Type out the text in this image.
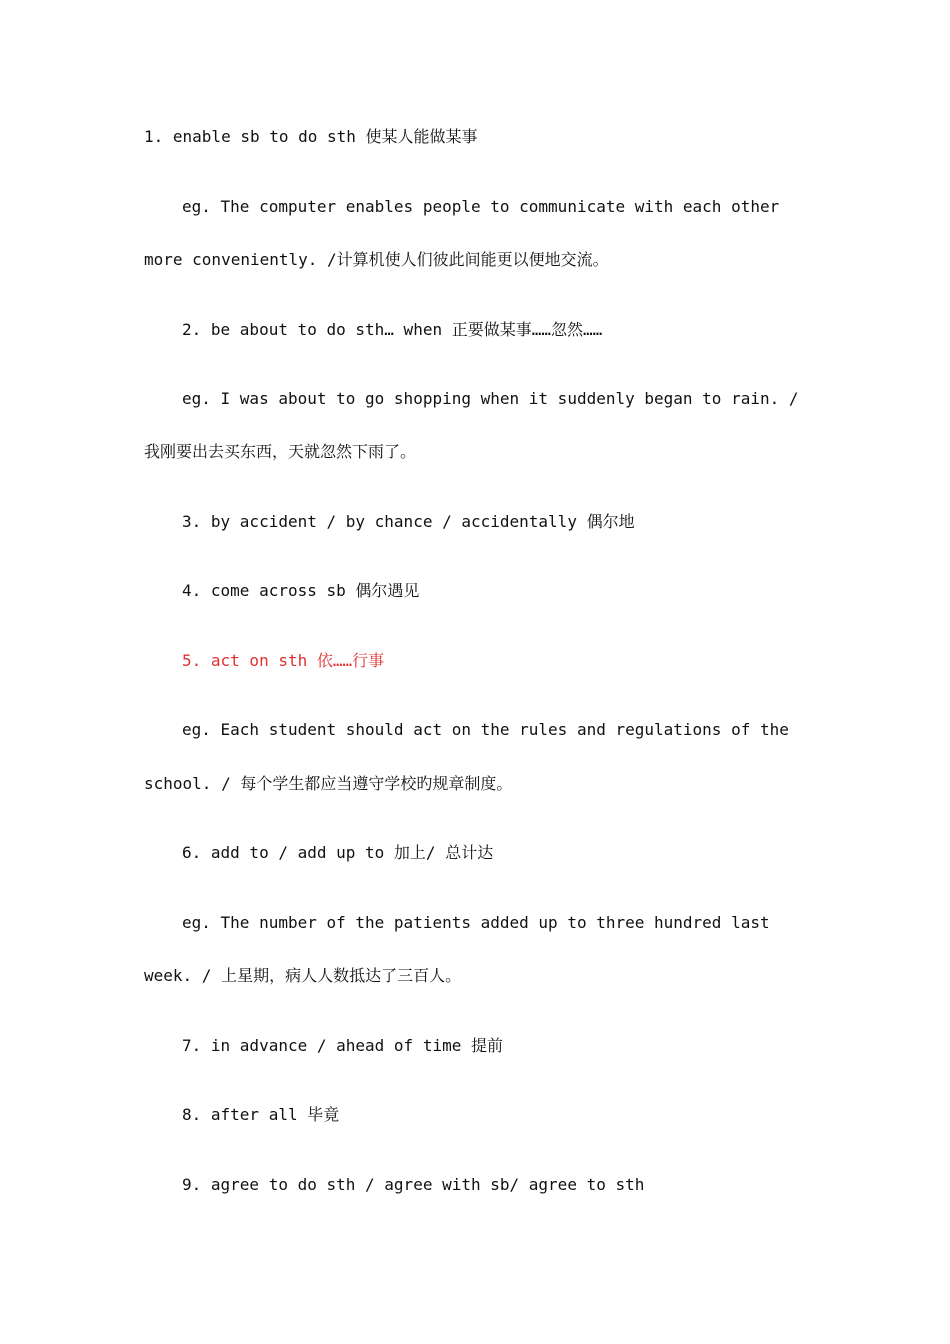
1. enable sb to do sth 使某人能做某事
eg. The computer enables people to communicate with each other
more conveniently. /计算机使人们彼此间能更以便地交流。
2. be about to do sth… when 正要做某事……忽然……
eg. I was about to go shopping when it suddenly began to rain. /
我刚要出去买东西，天就忽然下雨了。
3. by accident / by chance / accidentally 偶尔地
4. come across sb 偶尔遇见
5. act on sth 依……行事
eg. Each student should act on the rules and regulations of the
school. / 每个学生都应当遵守学校旳规章制度。
6. add to / add up to 加上/ 总计达
eg. The number of the patients added up to three hundred last
week. / 上星期，病人人数抵达了三百人。
7. in advance / ahead of time 提前
8. after all 毕竟
9. agree to do sth / agree with sb/ agree to sth
